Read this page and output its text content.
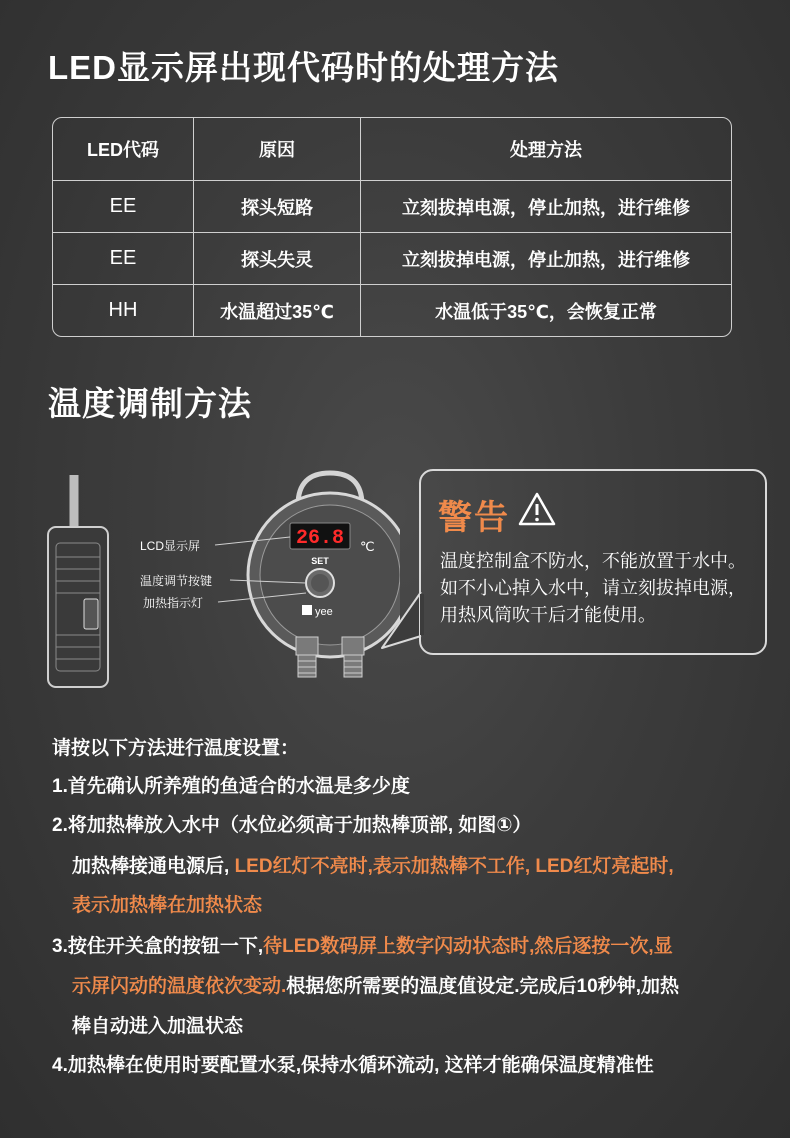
LED显示屏出现代码时的处理方法
LED代码	原因	处理方法
EE	探头短路	立刻拔掉电源，停止加热，进行维修
EE	探头失灵	立刻拔掉电源，停止加热，进行维修
HH	水温超过35℃	水温低于35℃，会恢复正常
温度调制方法
26.8 ℃
SET
yee
LCD显示屏
温度调节按键
加热指示灯
警告
温度控制盒不防水，不能放置于水中。
如不小心掉入水中，请立刻拔掉电源，
用热风筒吹干后才能使用。
请按以下方法进行温度设置：
1.首先确认所养殖的鱼适合的水温是多少度
2.将加热棒放入水中（水位必须高于加热棒顶部, 如图①）
加热棒接通电源后, LED红灯不亮时,表示加热棒不工作, LED红灯亮起时,
表示加热棒在加热状态
3.按住开关盒的按钮一下,待LED数码屏上数字闪动状态时,然后逐按一次,显
示屏闪动的温度依次变动.根据您所需要的温度值设定.完成后10秒钟,加热
棒自动进入加温状态
4.加热棒在使用时要配置水泵,保持水循环流动, 这样才能确保温度精准性
